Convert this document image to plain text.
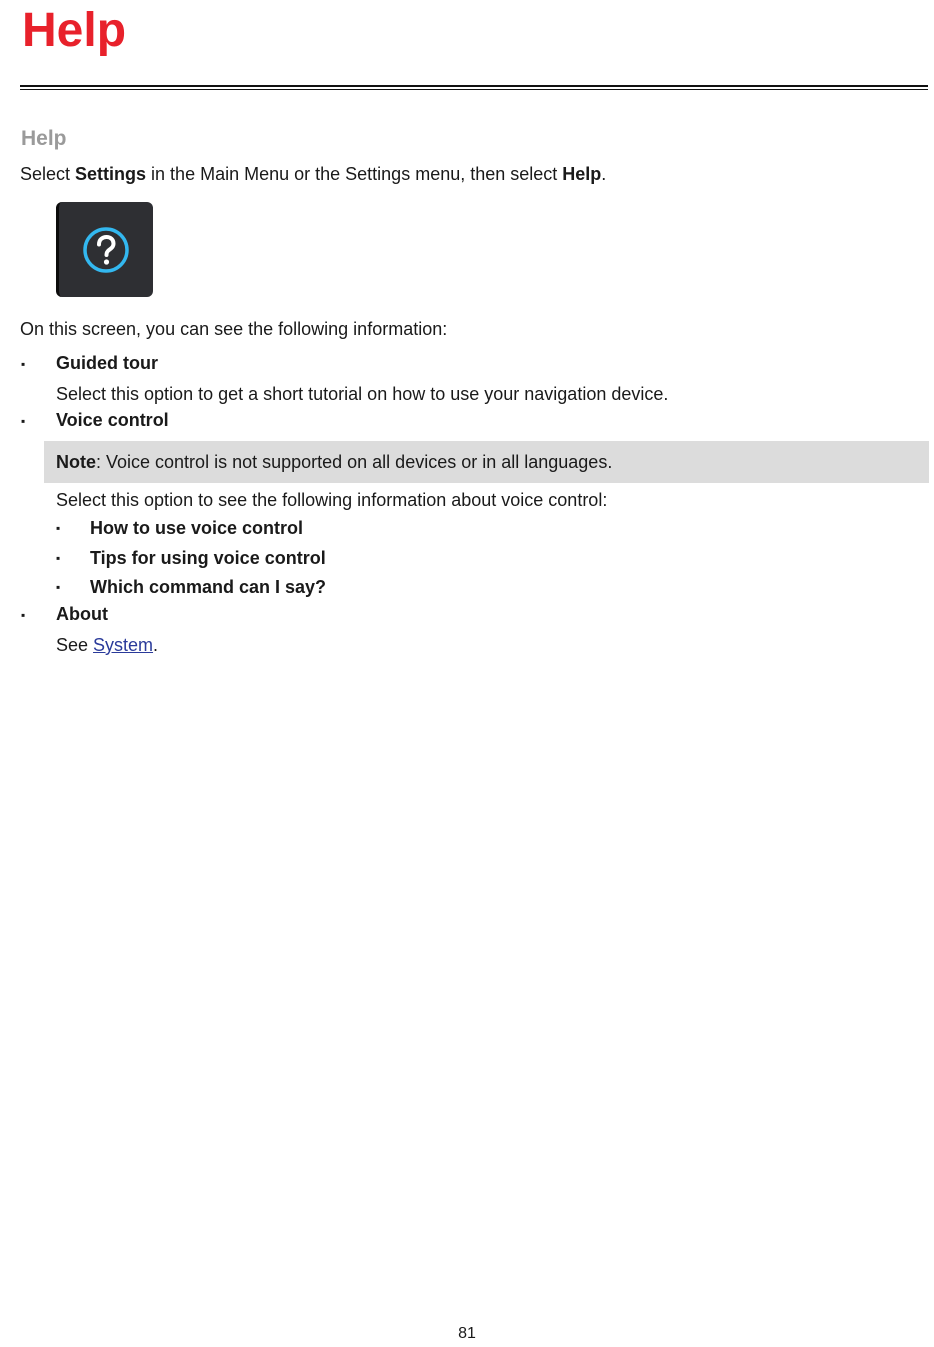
Help
Help

Select Settings in the Main Menu or the Settings menu, then select Help.

On this screen, you can see the following information:

▪ Guided tour

Select this option to get a short tutorial on how to use your navigation device.

▪ Voice control

Note: Voice control is not supported on all devices or in all languages.

Select this option to see the following information about voice control:

▪ How to use voice control

▪ Tips for using voice control

▪ Which command can I say?

▪ About

See System.

81
